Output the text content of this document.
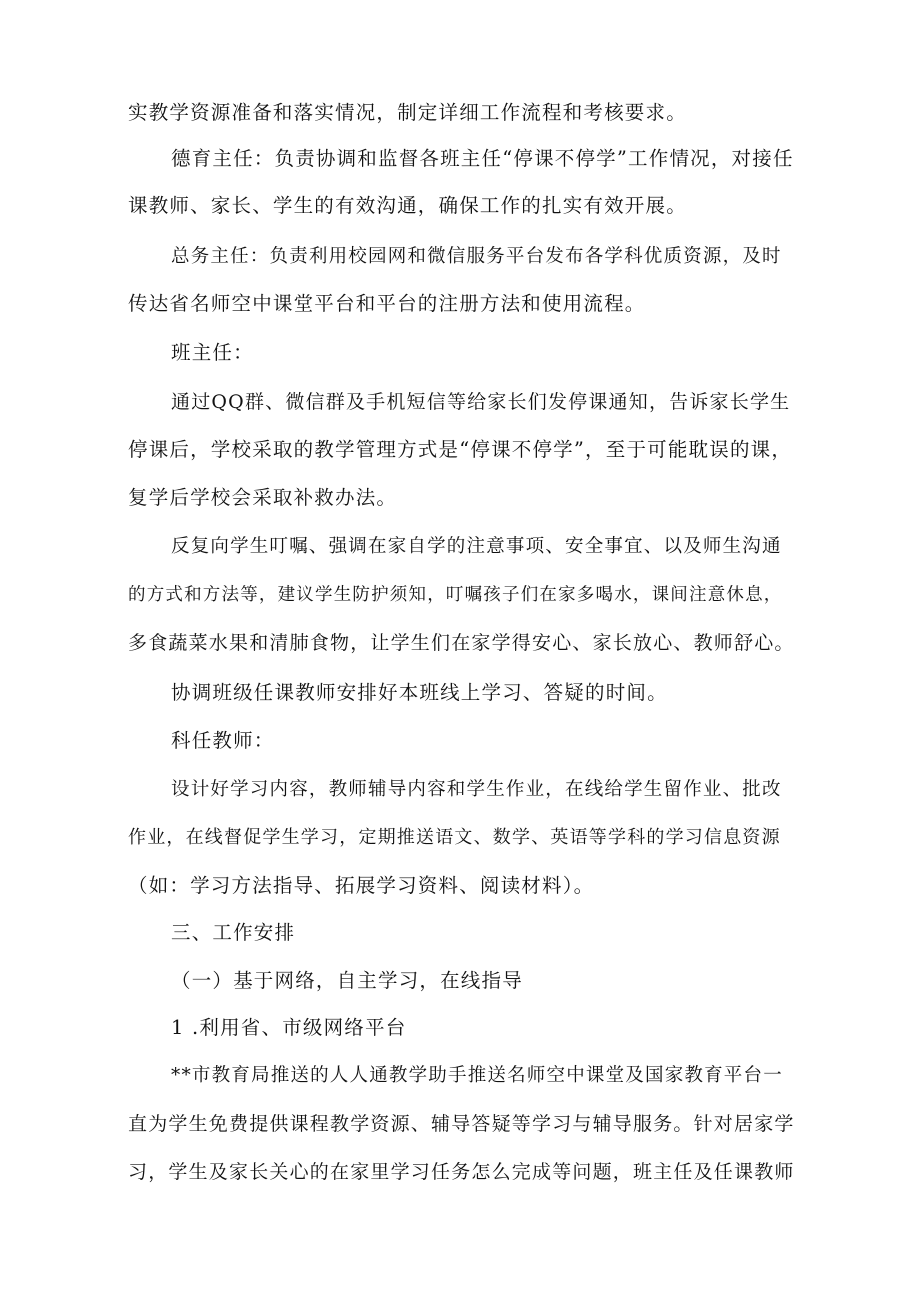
实教学资源准备和落实情况，制定详细工作流程和考核要求。
德育主任：负责协调和监督各班主任“停课不停学”工作情况，对接任
课教师、家长、学生的有效沟通，确保工作的扎实有效开展。
总务主任：负责利用校园网和微信服务平台发布各学科优质资源，及时
传达省名师空中课堂平台和平台的注册方法和使用流程。
班主任：
通过QQ群、微信群及手机短信等给家长们发停课通知，告诉家长学生
停课后，学校采取的教学管理方式是“停课不停学”，至于可能耽误的课，
复学后学校会采取补救办法。
反复向学生叮嘱、强调在家自学的注意事项、安全事宜、以及师生沟通
的方式和方法等，建议学生防护须知，叮嘱孩子们在家多喝水，课间注意休息，
多食蔬菜水果和清肺食物，让学生们在家学得安心、家长放心、教师舒心。
协调班级任课教师安排好本班线上学习、答疑的时间。
科任教师：
设计好学习内容，教师辅导内容和学生作业，在线给学生留作业、批改
作业，在线督促学生学习，定期推送语文、数学、英语等学科的学习信息资源
（如：学习方法指导、拓展学习资料、阅读材料）。
三、工作安排
（一）基于网络，自主学习，在线指导
1 .利用省、市级网络平台
**市教育局推送的人人通教学助手推送名师空中课堂及国家教育平台一
直为学生免费提供课程教学资源、辅导答疑等学习与辅导服务。针对居家学
习，学生及家长关心的在家里学习任务怎么完成等问题，班主任及任课教师
